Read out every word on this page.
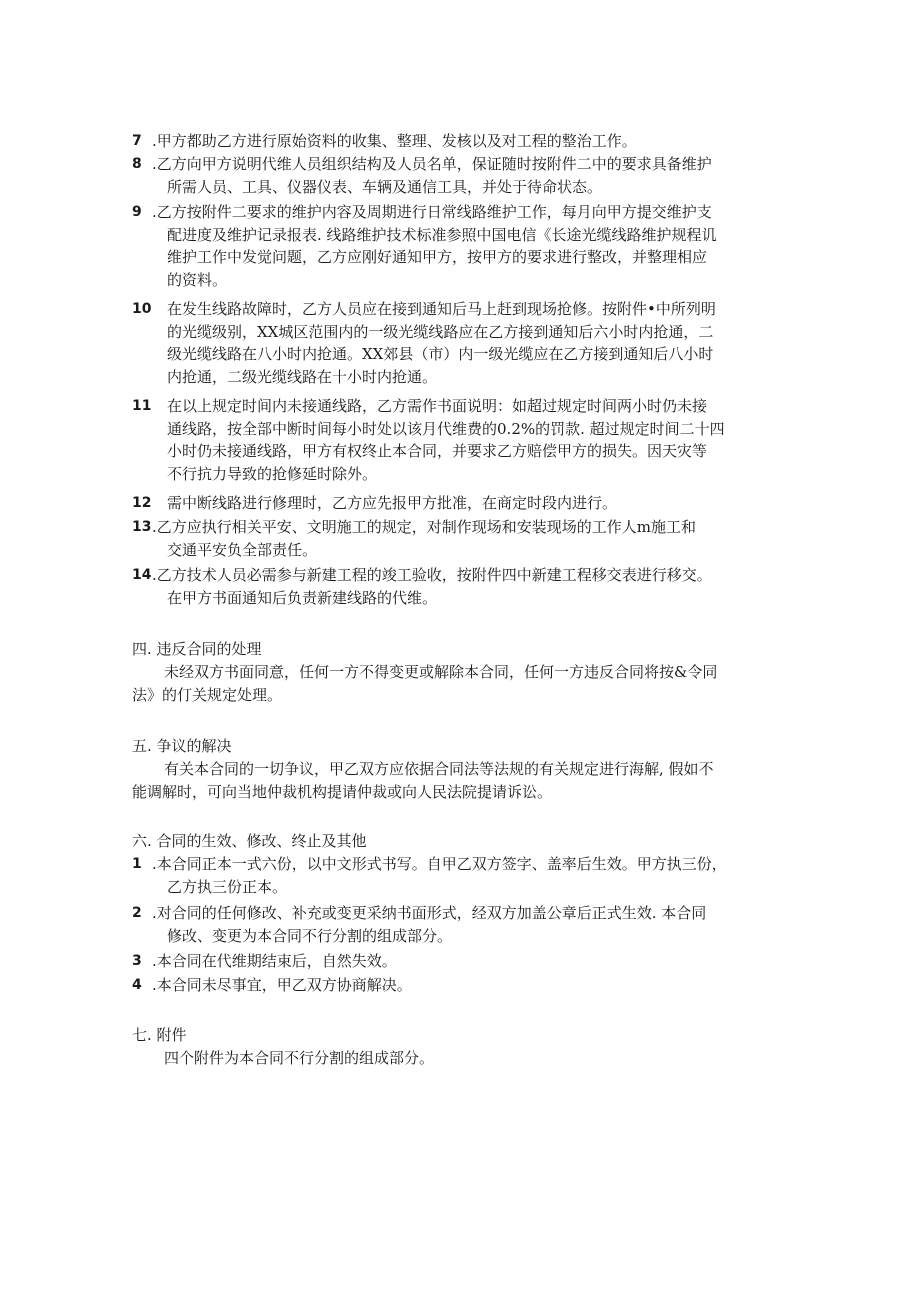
7 .甲方都助乙方进行原始资料的收集、整理、发核以及对工程的整治工作。
8 .乙方向甲方说明代维人员组织结构及人员名单，保证随时按附件二中的要求具备维护
所需人员、工具、仪器仪表、车辆及通信工具，并处于待命状态。
9 .乙方按附件二要求的维护内容及周期进行日常线路维护工作，每月向甲方提交维护支
配进度及维护记录报表. 线路维护技术标准参照中国电信《长途光缆线路维护规程讥
维护工作中发觉问题，乙方应刚好通知甲方，按甲方的要求进行整改，并整理相应
的资料。
10	在发生线路故障时，乙方人员应在接到通知后马上赶到现场抢修。按附件•中所列明
的光缆级别，XX城区范围内的一级光缆线路应在乙方接到通知后六小时内抢通，二
级光缆线路在八小时内抢通。XX郊县（市）内一级光缆应在乙方接到通知后八小时
内抢通，二级光缆线路在十小时内抢通。
11	在以上规定时间内未接通线路，乙方需作书面说明：如超过规定时间两小时仍未接
通线路，按全部中断时间每小时处以该月代维费的0.2%的罚款. 超过规定时间二十四
小时仍未接通线路，甲方有权终止本合同，并要求乙方赔偿甲方的损失。因天灾等
不行抗力导致的抢修延时除外。
12	需中断线路进行修理时，乙方应先报甲方批准，在商定时段内进行。
13 .乙方应执行相关平安、文明施工的规定，对制作现场和安装现场的工作人m施工和
交通平安负全部责任。
14 .乙方技术人员必需参与新建工程的竣工验收，按附件四中新建工程移交表进行移交。
在甲方书面通知后负责新建线路的代维。
四. 违反合同的处理
未经双方书面同意，任何一方不得变更或解除本合同，任何一方违反合同将按&令同
法》的仃关规定处理。
五. 争议的解决
有关本合同的一切争议，甲乙双方应依据合同法等法规的有关规定进行海解, 假如不
能调解时，可向当地仲裁机构提请仲裁或向人民法院提请诉讼。
六. 合同的生效、修改、终止及其他
1 .本合同正本一式六份，以中文形式书写。自甲乙双方签字、盖率后生效。甲方执三份，
乙方执三份正本。
2 .对合同的任何修改、补充或变更采纳书面形式，经双方加盖公章后正式生效. 本合同
修改、变更为本合同不行分割的组成部分。
3 .本合同在代维期结束后，自然失效。
4 .本合同未尽事宜，甲乙双方协商解决。
七. 附件
四个附件为本合同不行分割的组成部分。
